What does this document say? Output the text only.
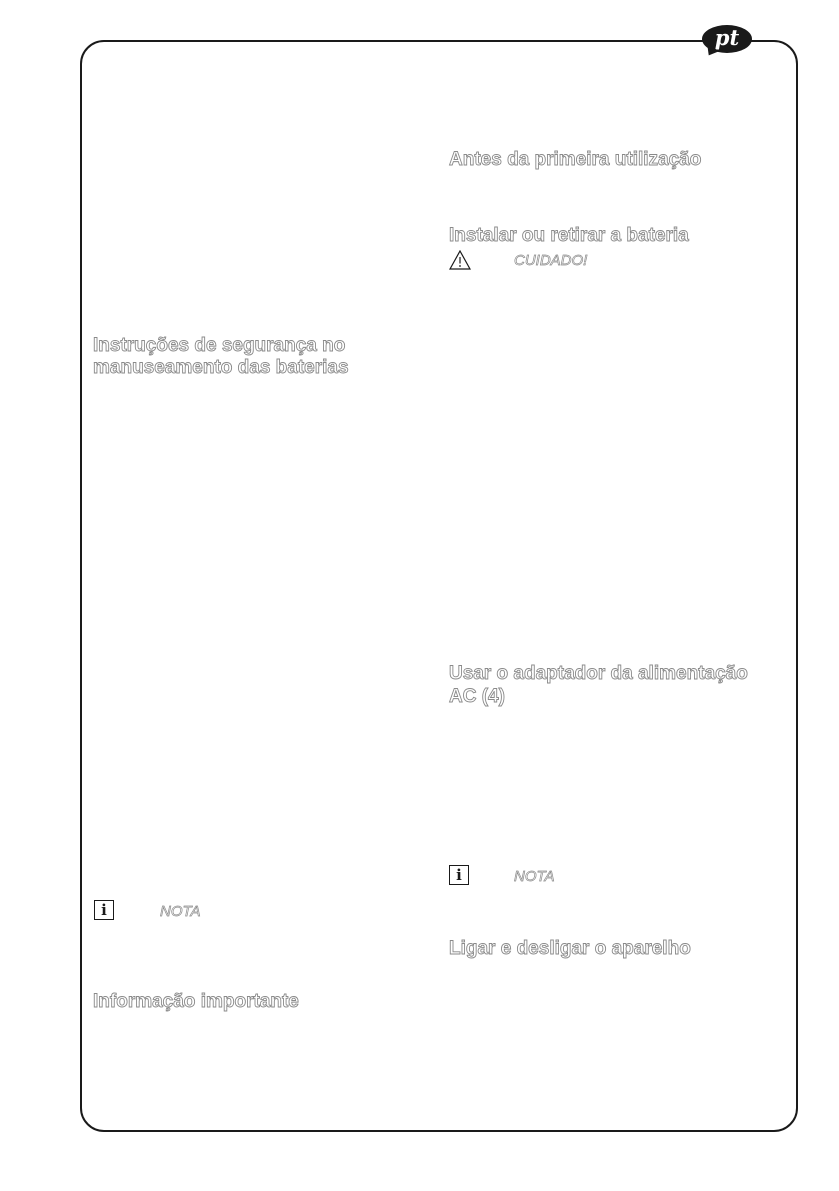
pt
Instruções de segurança no
manuseamento das baterias
i	NOTA
Informação importante
Antes da primeira utilização
Instalar ou retirar a bateria
CUIDADO!
Usar o adaptador da alimentação
AC (4)
i	NOTA
Ligar e desligar o aparelho
